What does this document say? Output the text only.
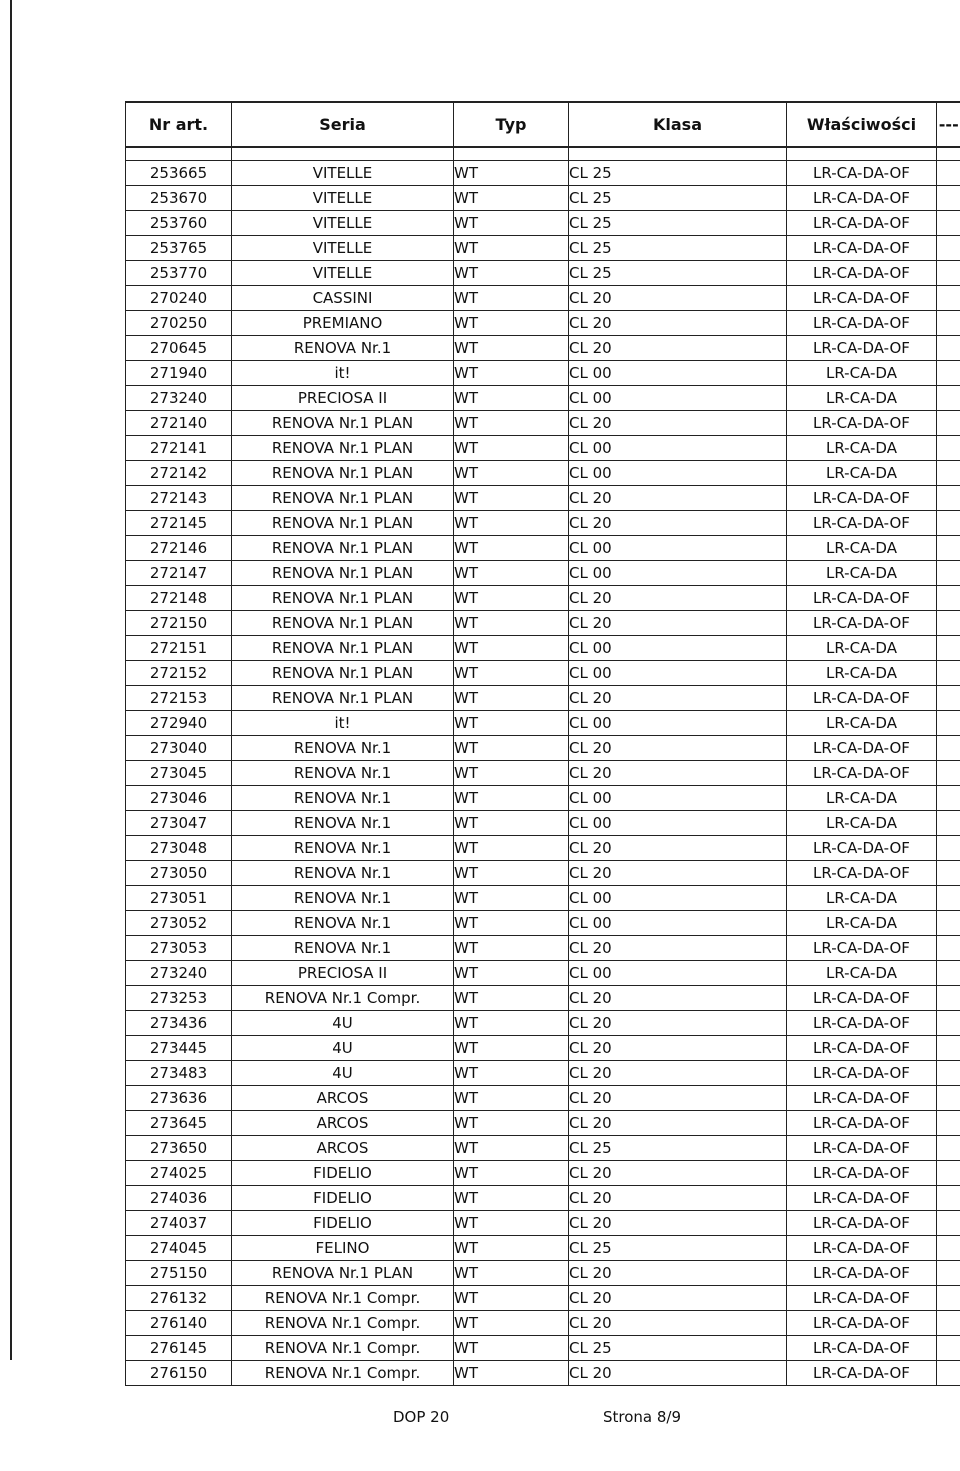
Nr art.	Seria	Typ	Klasa	Właściwości	---

253665	VITELLE	WT	CL 25	LR-CA-DA-OF	
253670	VITELLE	WT	CL 25	LR-CA-DA-OF	
253760	VITELLE	WT	CL 25	LR-CA-DA-OF	
253765	VITELLE	WT	CL 25	LR-CA-DA-OF	
253770	VITELLE	WT	CL 25	LR-CA-DA-OF	
270240	CASSINI	WT	CL 20	LR-CA-DA-OF	
270250	PREMIANO	WT	CL 20	LR-CA-DA-OF	
270645	RENOVA Nr.1	WT	CL 20	LR-CA-DA-OF	
271940	it!	WT	CL 00	LR-CA-DA	
273240	PRECIOSA II	WT	CL 00	LR-CA-DA	
272140	RENOVA Nr.1 PLAN	WT	CL 20	LR-CA-DA-OF	
272141	RENOVA Nr.1 PLAN	WT	CL 00	LR-CA-DA	
272142	RENOVA Nr.1 PLAN	WT	CL 00	LR-CA-DA	
272143	RENOVA Nr.1 PLAN	WT	CL 20	LR-CA-DA-OF	
272145	RENOVA Nr.1 PLAN	WT	CL 20	LR-CA-DA-OF	
272146	RENOVA Nr.1 PLAN	WT	CL 00	LR-CA-DA	
272147	RENOVA Nr.1 PLAN	WT	CL 00	LR-CA-DA	
272148	RENOVA Nr.1 PLAN	WT	CL 20	LR-CA-DA-OF	
272150	RENOVA Nr.1 PLAN	WT	CL 20	LR-CA-DA-OF	
272151	RENOVA Nr.1 PLAN	WT	CL 00	LR-CA-DA	
272152	RENOVA Nr.1 PLAN	WT	CL 00	LR-CA-DA	
272153	RENOVA Nr.1 PLAN	WT	CL 20	LR-CA-DA-OF	
272940	it!	WT	CL 00	LR-CA-DA	
273040	RENOVA Nr.1	WT	CL 20	LR-CA-DA-OF	
273045	RENOVA Nr.1	WT	CL 20	LR-CA-DA-OF	
273046	RENOVA Nr.1	WT	CL 00	LR-CA-DA	
273047	RENOVA Nr.1	WT	CL 00	LR-CA-DA	
273048	RENOVA Nr.1	WT	CL 20	LR-CA-DA-OF	
273050	RENOVA Nr.1	WT	CL 20	LR-CA-DA-OF	
273051	RENOVA Nr.1	WT	CL 00	LR-CA-DA	
273052	RENOVA Nr.1	WT	CL 00	LR-CA-DA	
273053	RENOVA Nr.1	WT	CL 20	LR-CA-DA-OF	
273240	PRECIOSA II	WT	CL 00	LR-CA-DA	
273253	RENOVA Nr.1 Compr.	WT	CL 20	LR-CA-DA-OF	
273436	4U	WT	CL 20	LR-CA-DA-OF	
273445	4U	WT	CL 20	LR-CA-DA-OF	
273483	4U	WT	CL 20	LR-CA-DA-OF	
273636	ARCOS	WT	CL 20	LR-CA-DA-OF	
273645	ARCOS	WT	CL 20	LR-CA-DA-OF	
273650	ARCOS	WT	CL 25	LR-CA-DA-OF	
274025	FIDELIO	WT	CL 20	LR-CA-DA-OF	
274036	FIDELIO	WT	CL 20	LR-CA-DA-OF	
274037	FIDELIO	WT	CL 20	LR-CA-DA-OF	
274045	FELINO	WT	CL 25	LR-CA-DA-OF	
275150	RENOVA Nr.1 PLAN	WT	CL 20	LR-CA-DA-OF	
276132	RENOVA Nr.1 Compr.	WT	CL 20	LR-CA-DA-OF	
276140	RENOVA Nr.1 Compr.	WT	CL 20	LR-CA-DA-OF	
276145	RENOVA Nr.1 Compr.	WT	CL 25	LR-CA-DA-OF	
276150	RENOVA Nr.1 Compr.	WT	CL 20	LR-CA-DA-OF	
DOP 20	Strona 8/9
